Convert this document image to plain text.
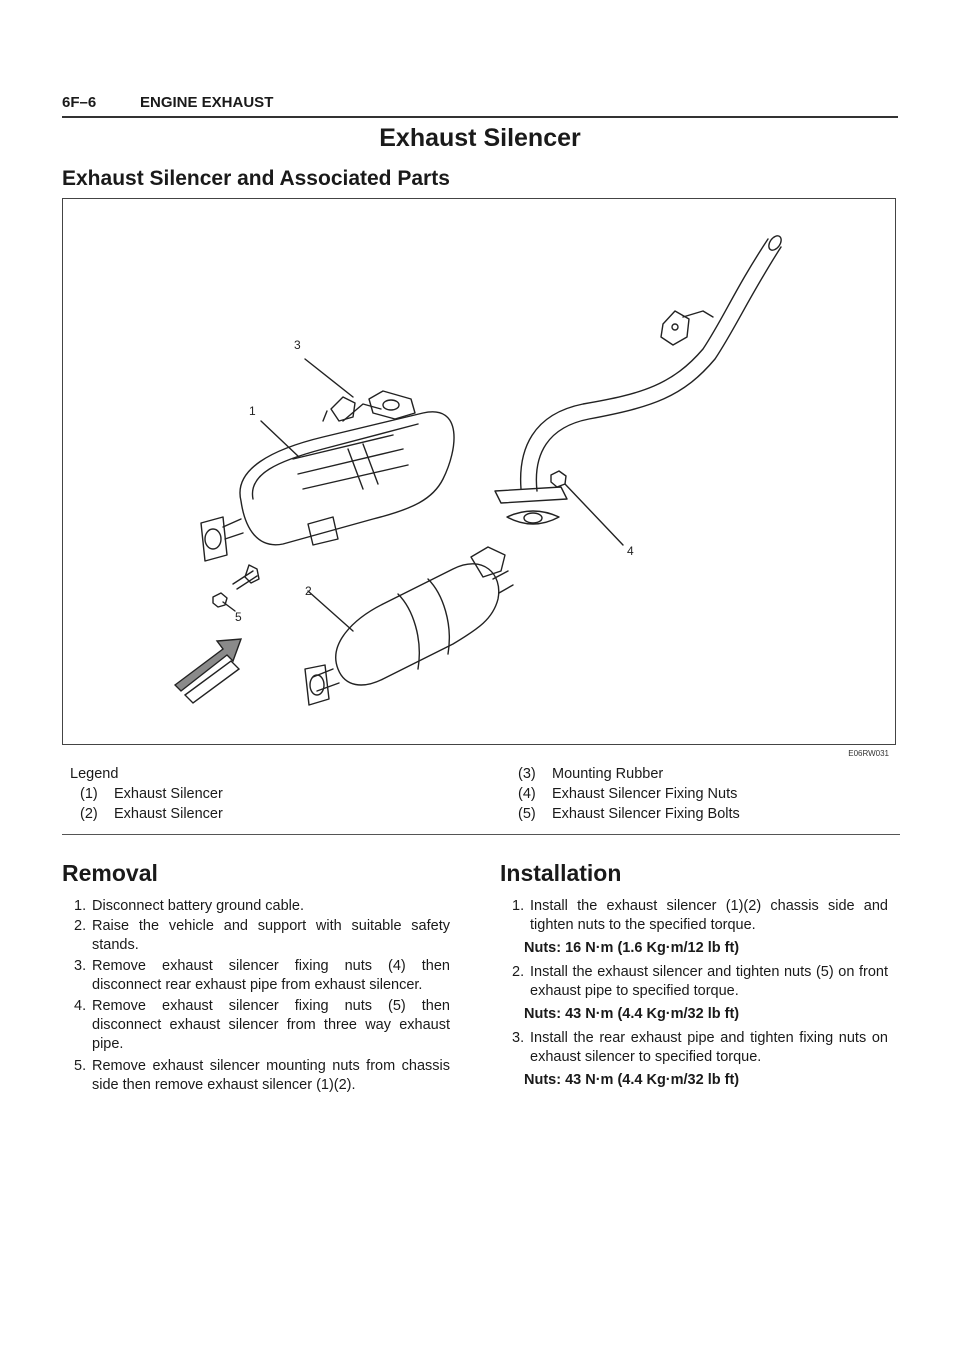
6F–6	ENGINE EXHAUST
Exhaust Silencer
Exhaust Silencer and Associated Parts
3
1
2
4
5
E06RW031
Legend
(1) Exhaust Silencer
(2) Exhaust Silencer
(3) Mounting Rubber
(4) Exhaust Silencer Fixing Nuts
(5) Exhaust Silencer Fixing Bolts
Removal
1. Disconnect battery ground cable.
2. Raise the vehicle and support with suitable safety stands.
3. Remove exhaust silencer fixing nuts (4) then disconnect rear exhaust pipe from exhaust silencer.
4. Remove exhaust silencer fixing nuts (5) then disconnect exhaust silencer from three way exhaust pipe.
5. Remove exhaust silencer mounting nuts from chassis side then remove exhaust silencer (1)(2).
Installation
1. Install the exhaust silencer (1)(2) chassis side and tighten nuts to the specified torque.
Nuts: 16 N·m (1.6 Kg·m/12 lb ft)
2. Install the exhaust silencer and tighten nuts (5) on front exhaust pipe to specified torque.
Nuts: 43 N·m (4.4 Kg·m/32 lb ft)
3. Install the rear exhaust pipe and tighten fixing nuts on exhaust silencer to specified torque.
Nuts: 43 N·m (4.4 Kg·m/32 lb ft)
